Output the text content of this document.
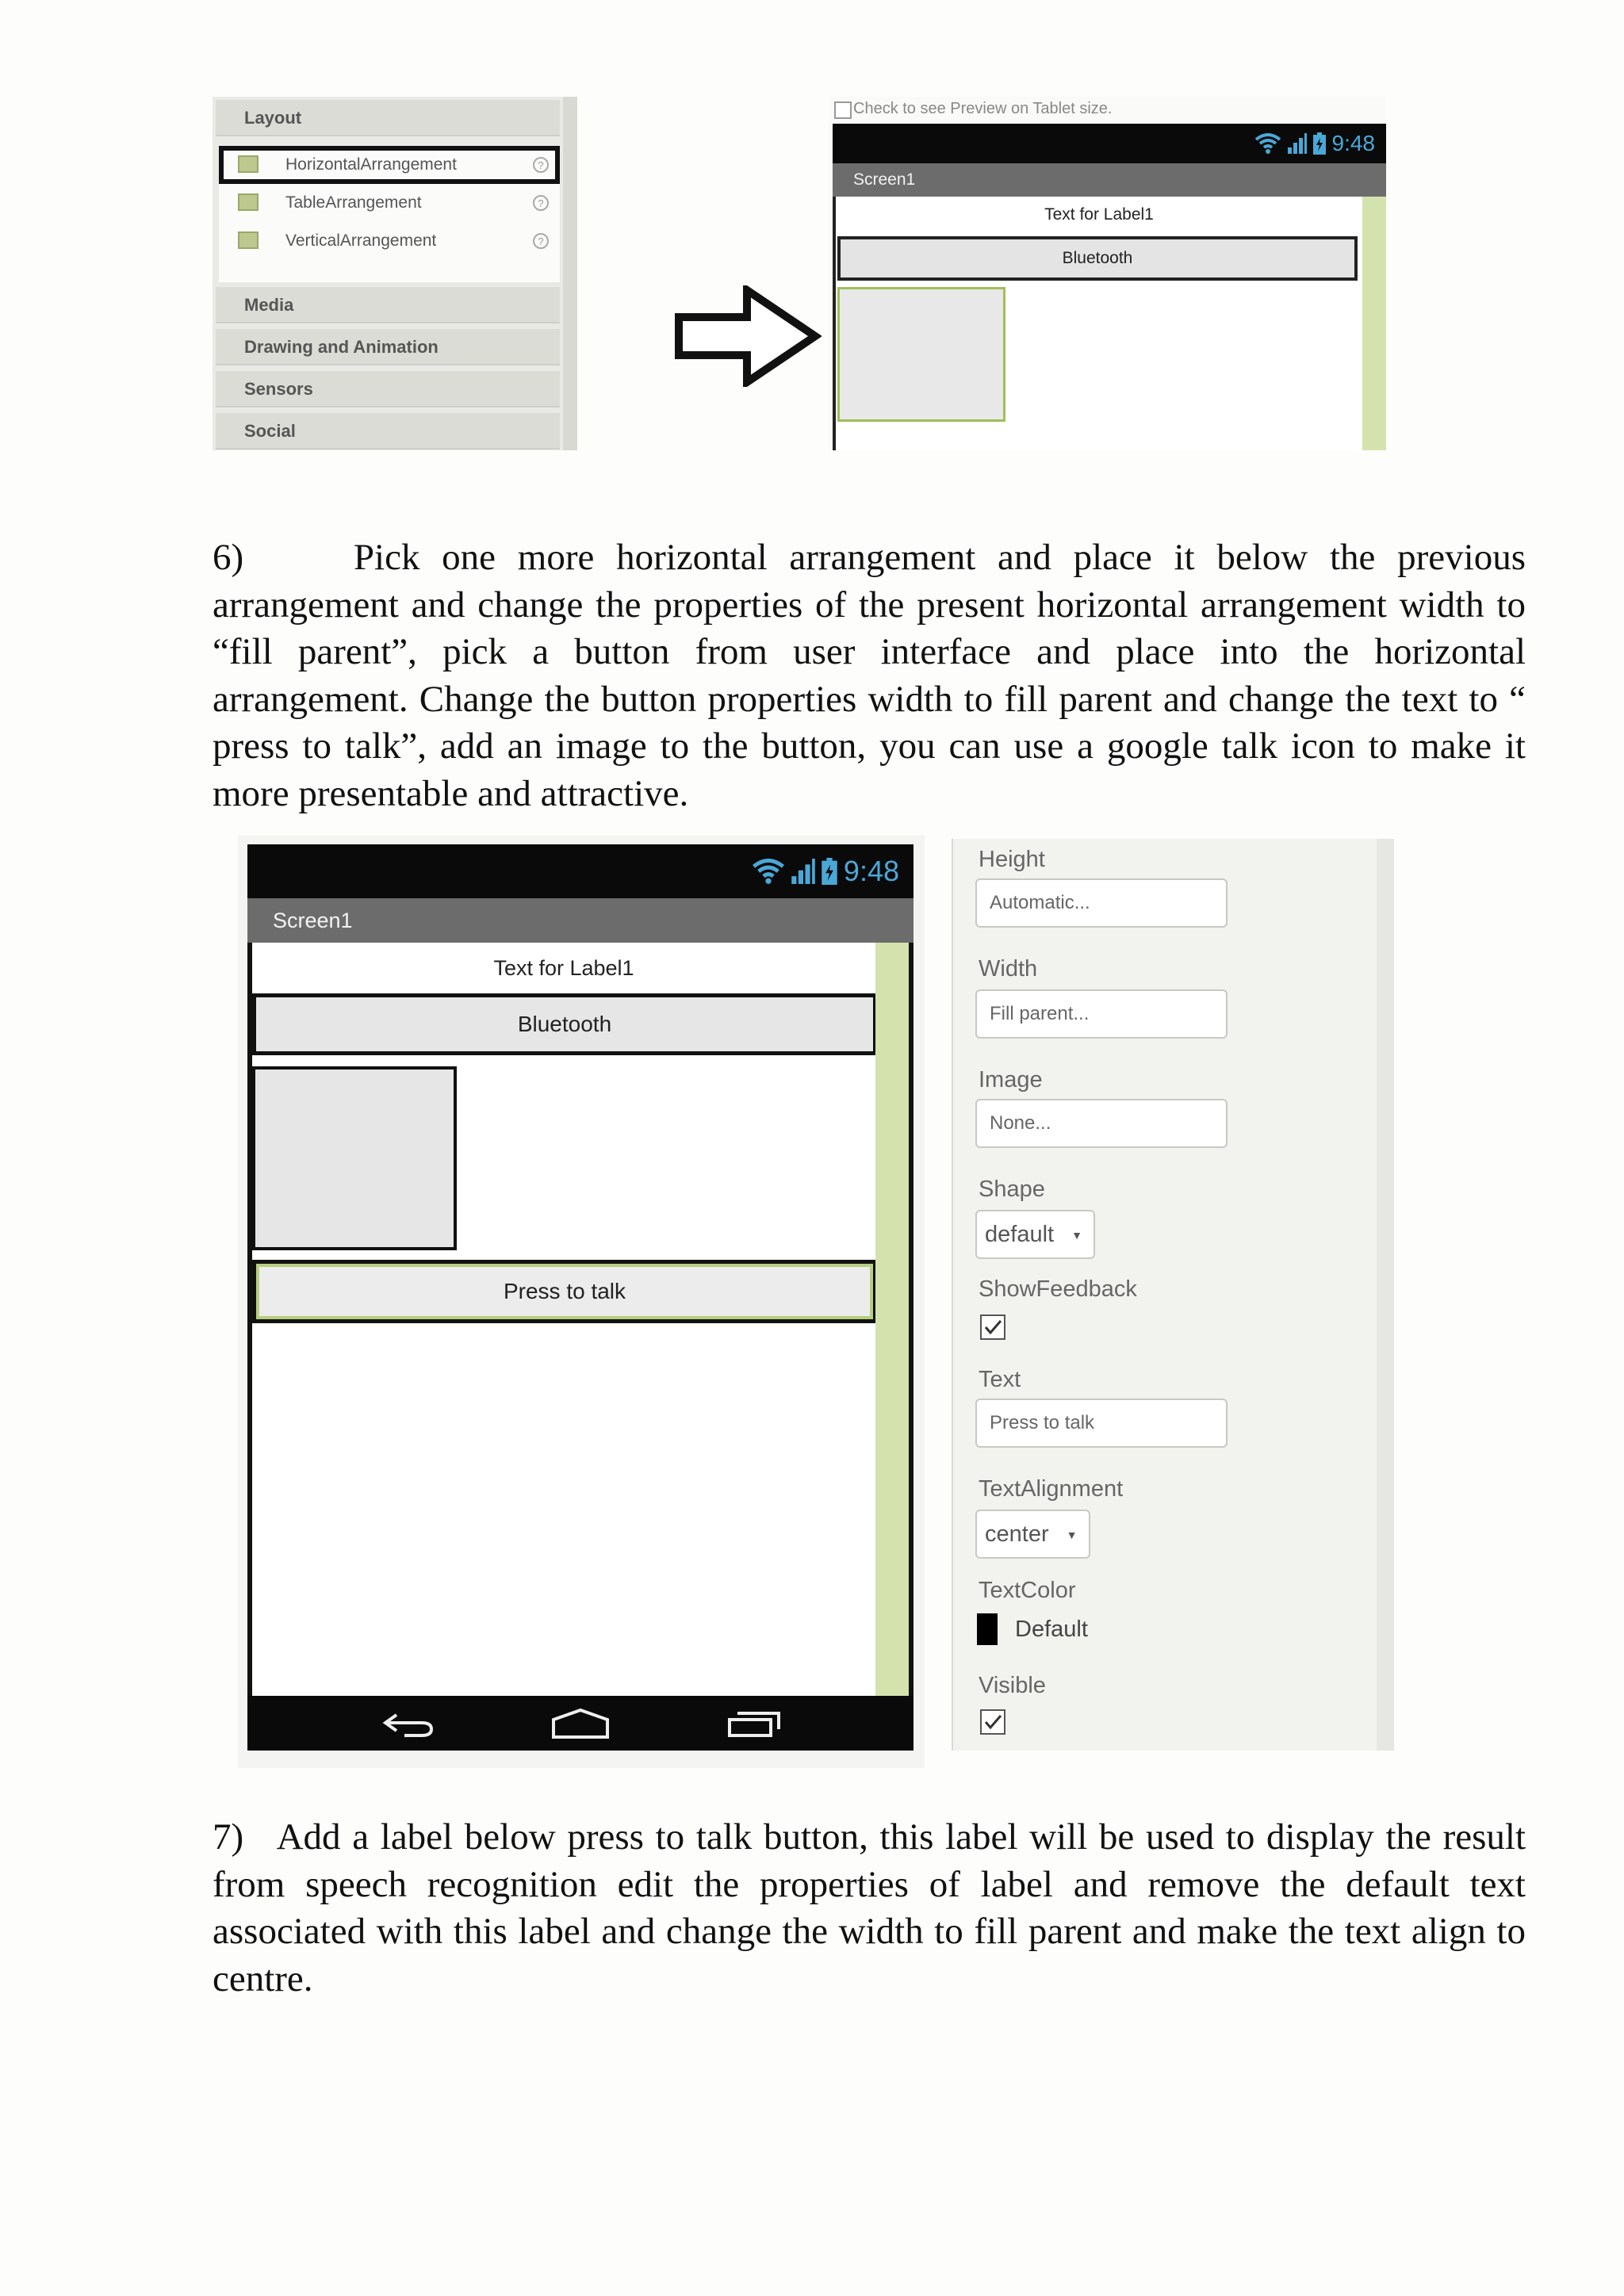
Layout
HorizontalArrangement	?
TableArrangement	?
VerticalArrangement	?
Media
Drawing and Animation
Sensors
Social
Check to see Preview on Tablet size.
9:48
Screen1
Text for Label1
Bluetooth
6)     Pick one more horizontal arrangement and place it below the previous arrangement and change the properties of the present horizontal arrangement width to “fill parent”, pick a button from user interface and place into the horizontal arrangement. Change the button properties width to fill parent and change the text to “ press to talk”, add an image to the button, you can use a google talk icon to make it more presentable and attractive.
9:48
Screen1
Text for Label1
Bluetooth
Press to talk
Height
Automatic...
Width
Fill parent...
Image
None...
Shape
default ▼
ShowFeedback
Text
Press to talk
TextAlignment
center ▼
TextColor
Default
Visible
7)   Add a label below press to talk button, this label will be used to display the result from speech recognition edit the properties of label and remove the default text associated with this label and change the width to fill parent and make the text align to centre.
